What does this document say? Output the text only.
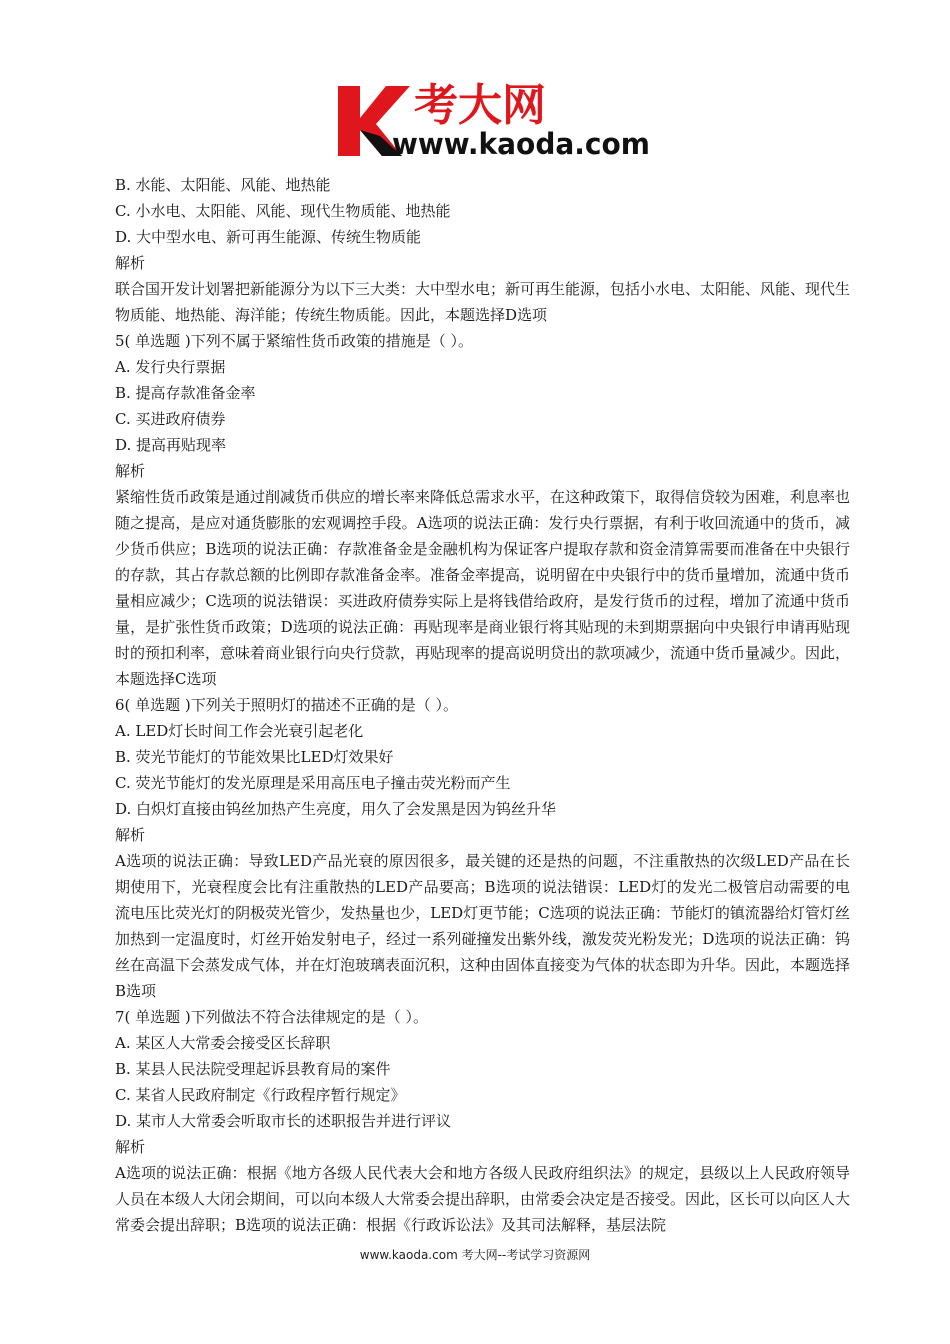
考大网
www.kaoda.com
B. 水能、太阳能、风能、地热能
C. 小水电、太阳能、风能、现代生物质能、地热能
D. 大中型水电、新可再生能源、传统生物质能
解析
联合国开发计划署把新能源分为以下三大类：大中型水电；新可再生能源，包括小水电、太阳能、风能、现代生物质能、地热能、海洋能；传统生物质能。因此，本题选择D选项
5( 单选题 )下列不属于紧缩性货币政策的措施是（ ）。
A. 发行央行票据
B. 提高存款准备金率
C. 买进政府债券
D. 提高再贴现率
解析
紧缩性货币政策是通过削减货币供应的增长率来降低总需求水平，在这种政策下，取得信贷较为困难，利息率也随之提高，是应对通货膨胀的宏观调控手段。A选项的说法正确：发行央行票据，有利于收回流通中的货币，减少货币供应；B选项的说法正确：存款准备金是金融机构为保证客户提取存款和资金清算需要而准备在中央银行的存款，其占存款总额的比例即存款准备金率。准备金率提高，说明留在中央银行中的货币量增加，流通中货币量相应减少；C选项的说法错误：买进政府债券实际上是将钱借给政府，是发行货币的过程，增加了流通中货币量，是扩张性货币政策；D选项的说法正确：再贴现率是商业银行将其贴现的未到期票据向中央银行申请再贴现时的预扣利率，意味着商业银行向央行贷款，再贴现率的提高说明贷出的款项减少，流通中货币量减少。因此，本题选择C选项
6( 单选题 )下列关于照明灯的描述不正确的是（ ）。
A. LED灯长时间工作会光衰引起老化
B. 荧光节能灯的节能效果比LED灯效果好
C. 荧光节能灯的发光原理是采用高压电子撞击荧光粉而产生
D. 白炽灯直接由钨丝加热产生亮度，用久了会发黑是因为钨丝升华
解析
A选项的说法正确：导致LED产品光衰的原因很多，最关键的还是热的问题，不注重散热的次级LED产品在长期使用下，光衰程度会比有注重散热的LED产品要高；B选项的说法错误：LED灯的发光二极管启动需要的电流电压比荧光灯的阴极荧光管少，发热量也少，LED灯更节能；C选项的说法正确：节能灯的镇流器给灯管灯丝加热到一定温度时，灯丝开始发射电子，经过一系列碰撞发出紫外线，激发荧光粉发光；D选项的说法正确：钨丝在高温下会蒸发成气体，并在灯泡玻璃表面沉积，这种由固体直接变为气体的状态即为升华。因此，本题选择B选项
7( 单选题 )下列做法不符合法律规定的是（ ）。
A. 某区人大常委会接受区长辞职
B. 某县人民法院受理起诉县教育局的案件
C. 某省人民政府制定《行政程序暂行规定》
D. 某市人大常委会听取市长的述职报告并进行评议
解析
A选项的说法正确：根据《地方各级人民代表大会和地方各级人民政府组织法》的规定，县级以上人民政府领导人员在本级人大闭会期间，可以向本级人大常委会提出辞职，由常委会决定是否接受。因此，区长可以向区人大常委会提出辞职；B选项的说法正确：根据《行政诉讼法》及其司法解释，基层法院
www.kaoda.com 考大网--考试学习资源网
